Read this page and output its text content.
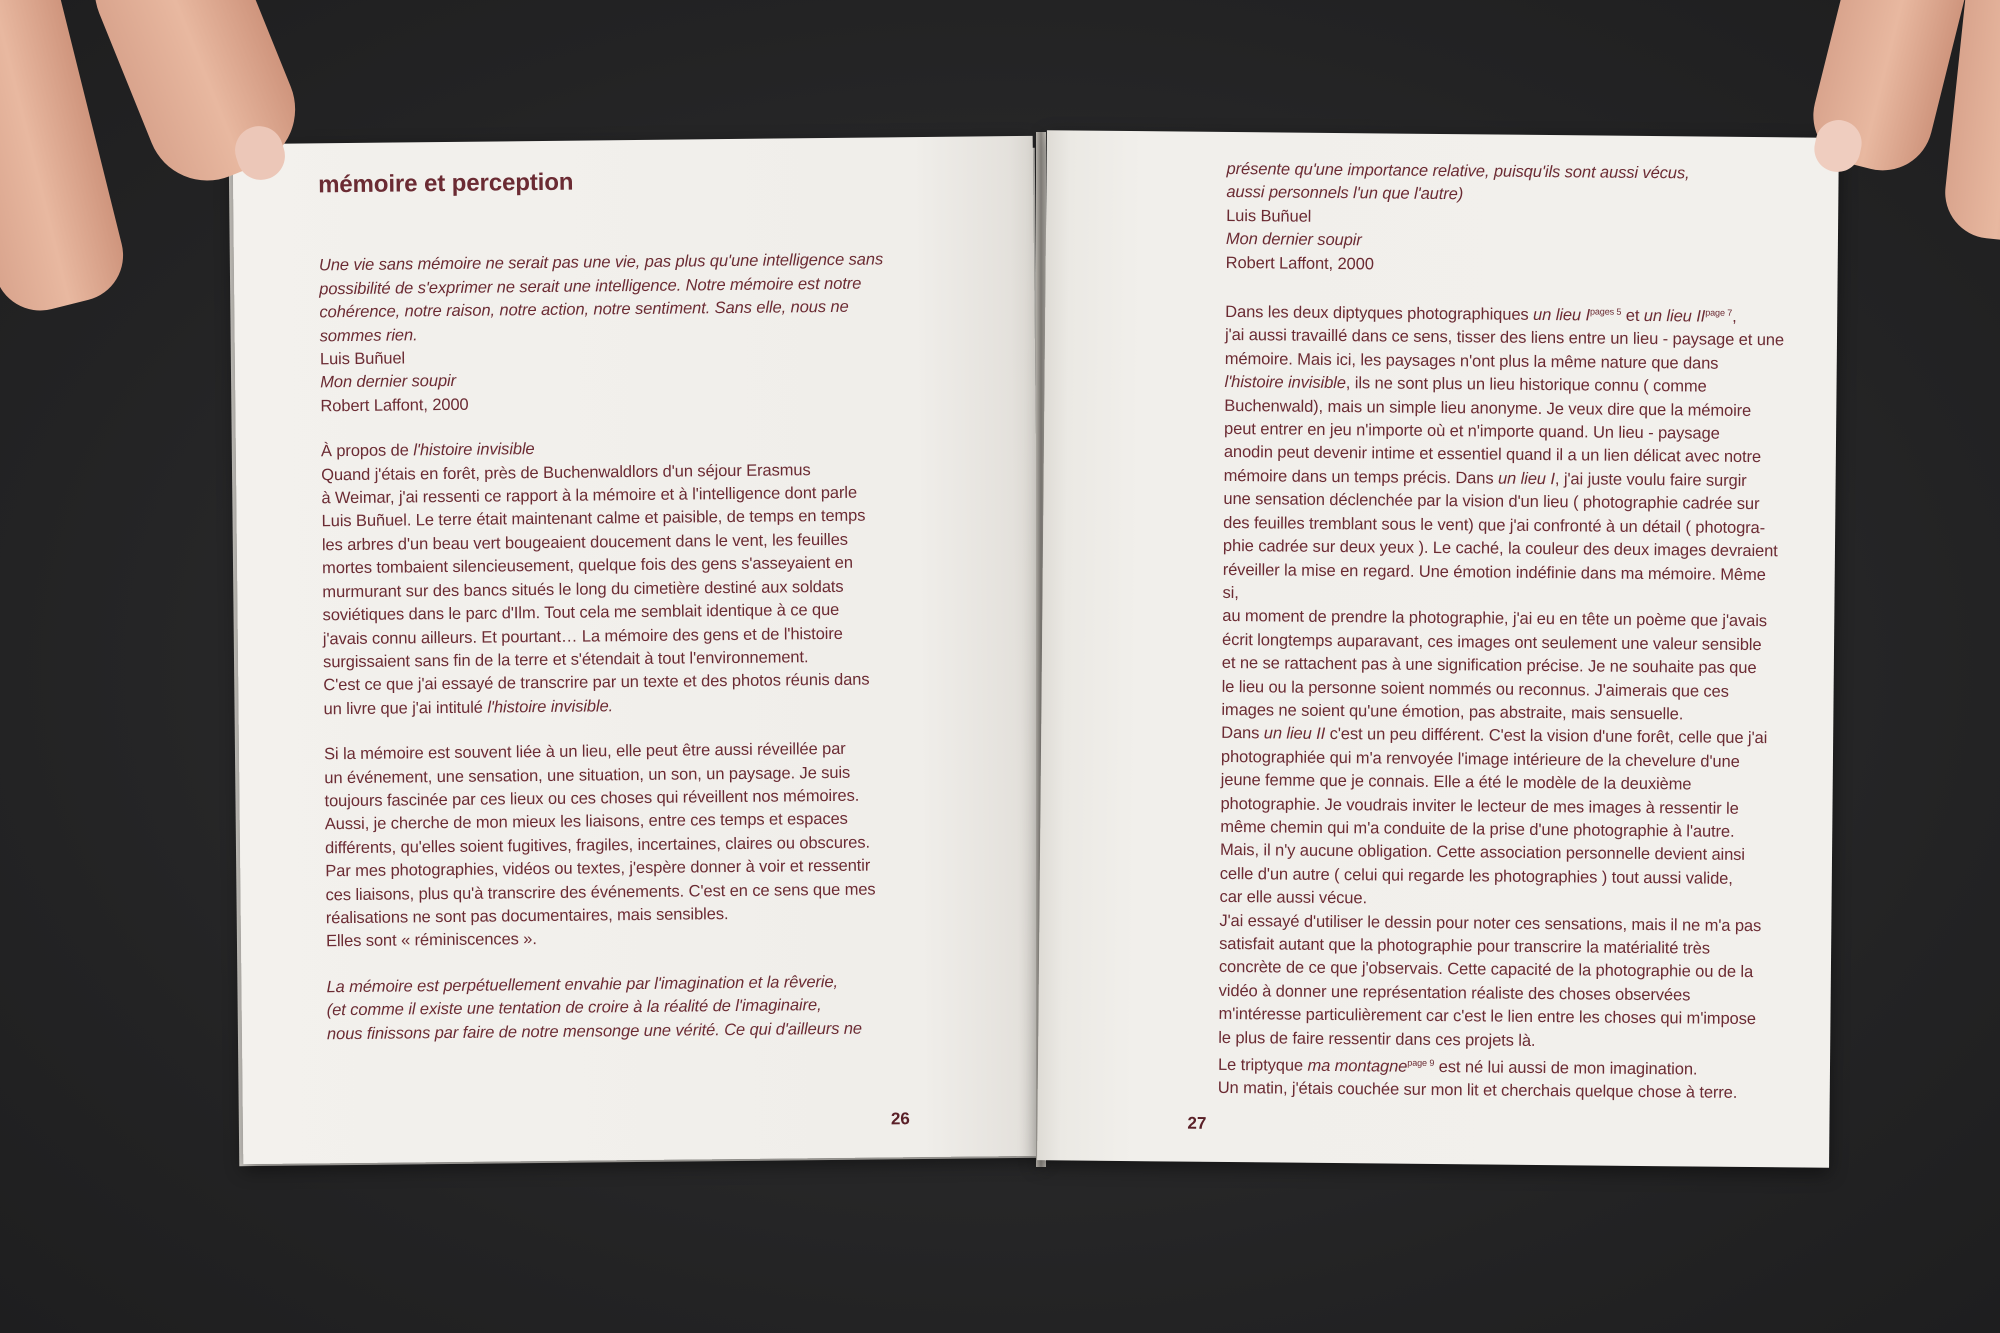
mémoire et perception

Une vie sans mémoire ne serait pas une vie, pas plus qu'une intelligence sans

possibilité de s'exprimer ne serait une intelligence. Notre mémoire est notre

cohérence, notre raison, notre action, notre sentiment. Sans elle, nous ne

sommes rien.

Luis Buñuel

Mon dernier soupir

Robert Laffont, 2000

À propos de l'histoire invisible

Quand j'étais en forêt, près de Buchenwaldlors d'un séjour Erasmus

à Weimar, j'ai ressenti ce rapport à la mémoire et à l'intelligence dont parle

Luis Buñuel. Le terre était maintenant calme et paisible, de temps en temps

les arbres d'un beau vert bougeaient doucement dans le vent, les feuilles

mortes tombaient silencieusement, quelque fois des gens s'asseyaient en

murmurant sur des bancs situés le long du cimetière destiné aux soldats

soviétiques dans le parc d'Ilm. Tout cela me semblait identique à ce que

j'avais connu ailleurs. Et pourtant… La mémoire des gens et de l'histoire

surgissaient sans fin de la terre et s'étendait à tout l'environnement.

C'est ce que j'ai essayé de transcrire par un texte et des photos réunis dans

un livre que j'ai intitulé l'histoire invisible.

Si la mémoire est souvent liée à un lieu, elle peut être aussi réveillée par

un événement, une sensation, une situation, un son, un paysage. Je suis

toujours fascinée par ces lieux ou ces choses qui réveillent nos mémoires.

Aussi, je cherche de mon mieux les liaisons, entre ces temps et espaces

différents, qu'elles soient fugitives, fragiles, incertaines, claires ou obscures.

Par mes photographies, vidéos ou textes, j'espère donner à voir et ressentir

ces liaisons, plus qu'à transcrire des événements. C'est en ce sens que mes

réalisations ne sont pas documentaires, mais sensibles.

Elles sont « réminiscences ».

La mémoire est perpétuellement envahie par l'imagination et la rêverie,

(et comme il existe une tentation de croire à la réalité de l'imaginaire,

nous finissons par faire de notre mensonge une vérité. Ce qui d'ailleurs ne

26

présente qu'une importance relative, puisqu'ils sont aussi vécus,

aussi personnels l'un que l'autre)

Luis Buñuel

Mon dernier soupir

Robert Laffont, 2000

Dans les deux diptyques photographiques un lieu I$^{pages 5}$ et un lieu II$^{page 7}$,

j'ai aussi travaillé dans ce sens, tisser des liens entre un lieu - paysage et une

mémoire. Mais ici, les paysages n'ont plus la même nature que dans

l'histoire invisible, ils ne sont plus un lieu historique connu ( comme

Buchenwald), mais un simple lieu anonyme. Je veux dire que la mémoire

peut entrer en jeu n'importe où et n'importe quand. Un lieu - paysage

anodin peut devenir intime et essentiel quand il a un lien délicat avec notre

mémoire dans un temps précis. Dans un lieu I, j'ai juste voulu faire surgir

une sensation déclenchée par la vision d'un lieu ( photographie cadrée sur

des feuilles tremblant sous le vent) que j'ai confronté à un détail ( photogra-

phie cadrée sur deux yeux ). Le caché, la couleur des deux images devraient

réveiller la mise en regard. Une émotion indéfinie dans ma mémoire. Même si,

au moment de prendre la photographie, j'ai eu en tête un poème que j'avais

écrit longtemps auparavant, ces images ont seulement une valeur sensible

et ne se rattachent pas à une signification précise. Je ne souhaite pas que

le lieu ou la personne soient nommés ou reconnus. J'aimerais que ces

images ne soient qu'une émotion, pas abstraite, mais sensuelle.

Dans un lieu II c'est un peu différent. C'est la vision d'une forêt, celle que j'ai

photographiée qui m'a renvoyée l'image intérieure de la chevelure d'une

jeune femme que je connais. Elle a été le modèle de la deuxième

photographie. Je voudrais inviter le lecteur de mes images à ressentir le

même chemin qui m'a conduite de la prise d'une photographie à l'autre.

Mais, il n'y aucune obligation. Cette association personnelle devient ainsi

celle d'un autre ( celui qui regarde les photographies ) tout aussi valide,

car elle aussi vécue.

J'ai essayé d'utiliser le dessin pour noter ces sensations, mais il ne m'a pas

satisfait autant que la photographie pour transcrire la matérialité très

concrète de ce que j'observais. Cette capacité de la photographie ou de la

vidéo à donner une représentation réaliste des choses observées

m'intéresse particulièrement car c'est le lien entre les choses qui m'impose

le plus de faire ressentir dans ces projets là.

Le triptyque ma montagne$^{page 9}$ est né lui aussi de mon imagination.

Un matin, j'étais couchée sur mon lit et cherchais quelque chose à terre.

27
